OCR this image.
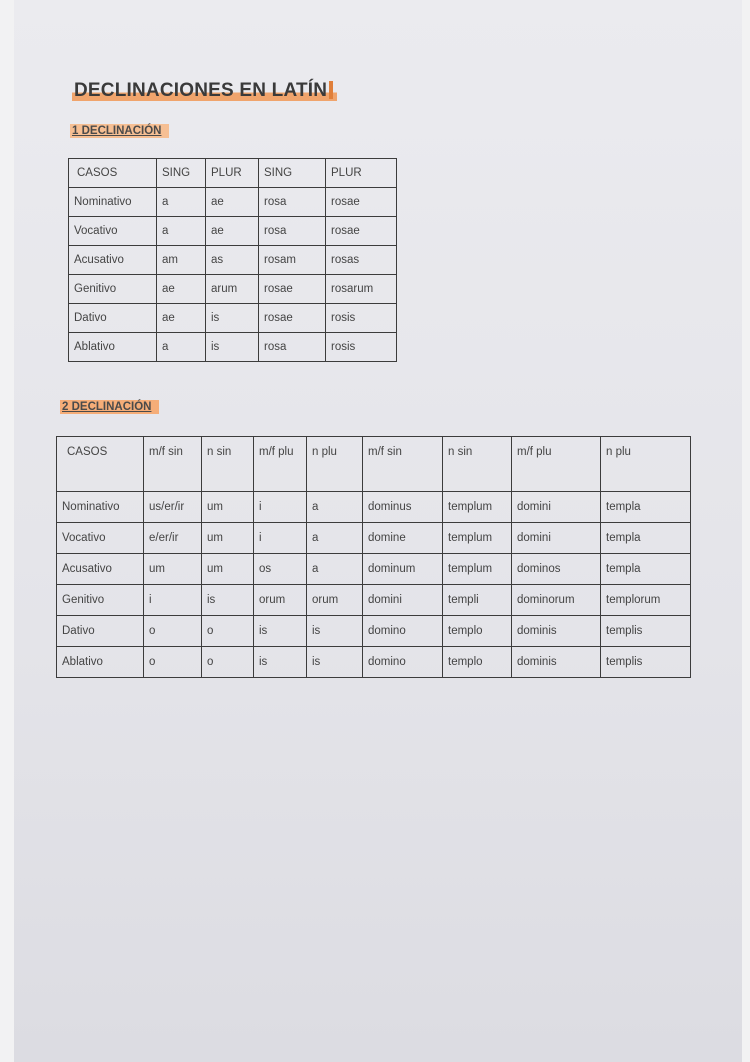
DECLINACIONES EN LATÍN
1 DECLINACIÓN
CASOS	SING	PLUR	SING	PLUR
Nominativo	a	ae	rosa	rosae
Vocativo	a	ae	rosa	rosae
Acusativo	am	as	rosam	rosas
Genitivo	ae	arum	rosae	rosarum
Dativo	ae	is	rosae	rosis
Ablativo	a	is	rosa	rosis
2 DECLINACIÓN
CASOS	m/f sin	n sin	m/f plu	n plu	m/f sin	n sin	m/f plu	n plu
Nominativo	us/er/ir	um	i	a	dominus	templum	domini	templa
Vocativo	e/er/ir	um	i	a	domine	templum	domini	templa
Acusativo	um	um	os	a	dominum	templum	dominos	templa
Genitivo	i	is	orum	orum	domini	templi	dominorum	templorum
Dativo	o	o	is	is	domino	templo	dominis	templis
Ablativo	o	o	is	is	domino	templo	dominis	templis
